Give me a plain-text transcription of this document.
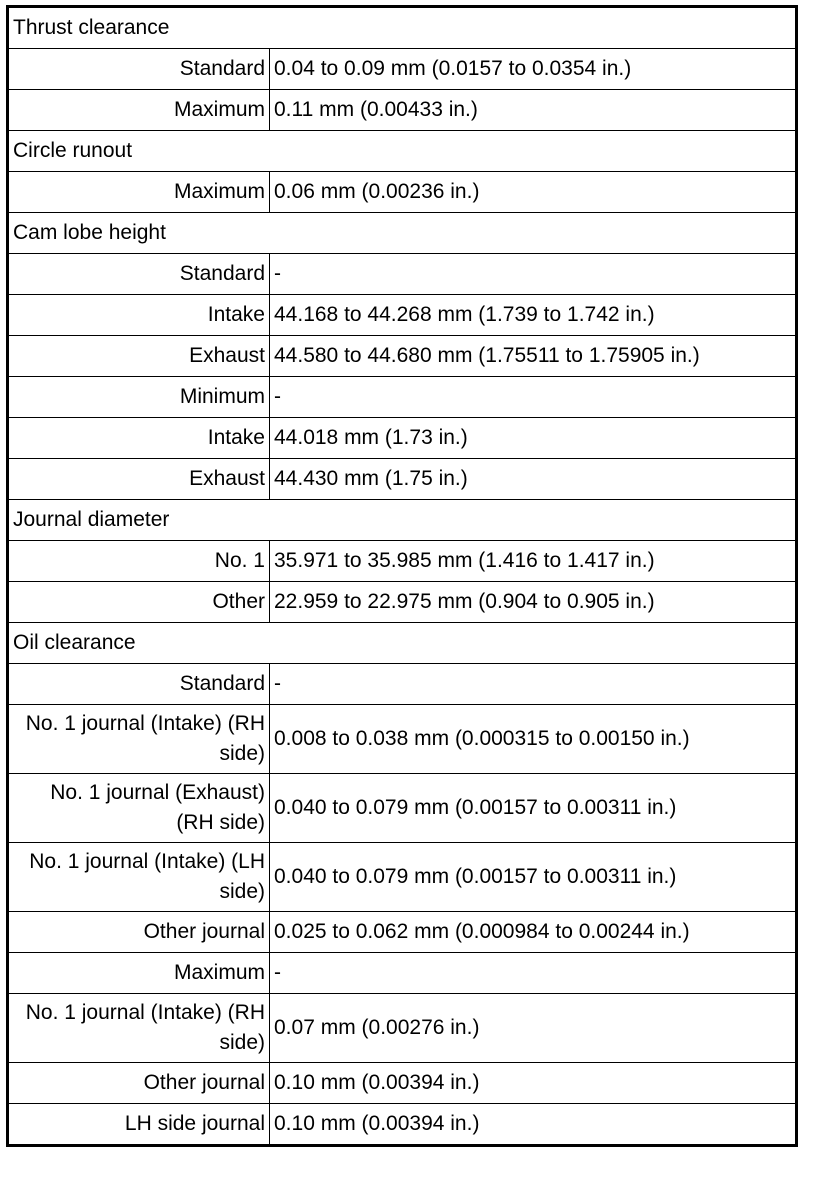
Thrust clearance	
Standard	0.04 to 0.09 mm (0.0157 to 0.0354 in.)
Maximum	0.11 mm (0.00433 in.)
Circle runout	
Maximum	0.06 mm (0.00236 in.)
Cam lobe height	
Standard	-
Intake	44.168 to 44.268 mm (1.739 to 1.742 in.)
Exhaust	44.580 to 44.680 mm (1.75511 to 1.75905 in.)
Minimum	-
Intake	44.018 mm (1.73 in.)
Exhaust	44.430 mm (1.75 in.)
Journal diameter	
No. 1	35.971 to 35.985 mm (1.416 to 1.417 in.)
Other	22.959 to 22.975 mm (0.904 to 0.905 in.)
Oil clearance	
Standard	-
No. 1 journal (Intake) (RH side)	0.008 to 0.038 mm (0.000315 to 0.00150 in.)
No. 1 journal (Exhaust) (RH side)	0.040 to 0.079 mm (0.00157 to 0.00311 in.)
No. 1 journal (Intake) (LH side)	0.040 to 0.079 mm (0.00157 to 0.00311 in.)
Other journal	0.025 to 0.062 mm (0.000984 to 0.00244 in.)
Maximum	-
No. 1 journal (Intake) (RH side)	0.07 mm (0.00276 in.)
Other journal	0.10 mm (0.00394 in.)
LH side journal	0.10 mm (0.00394 in.)
